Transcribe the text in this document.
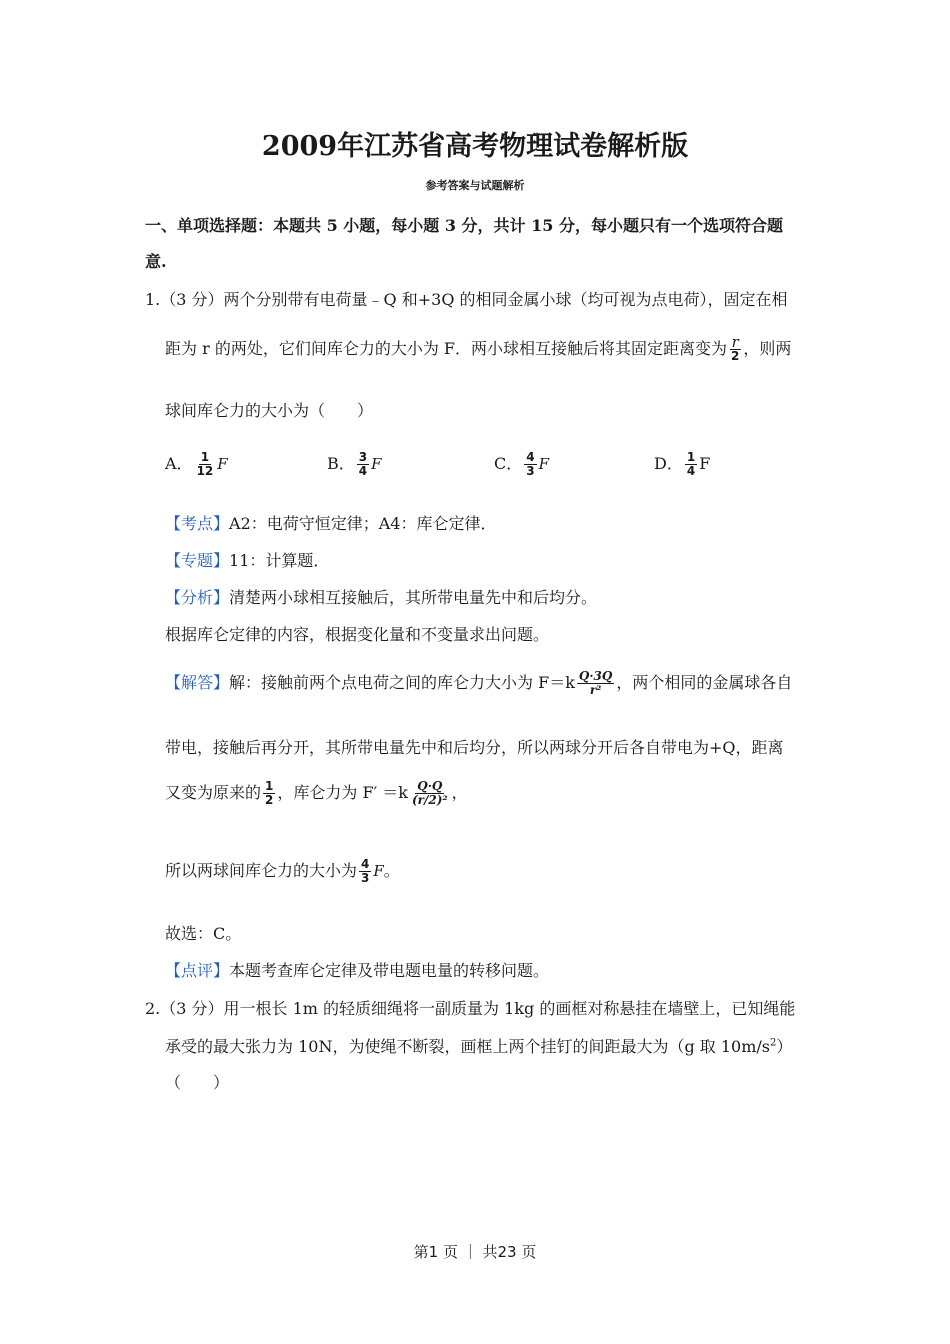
2009年江苏省高考物理试卷解析版
参考答案与试题解析
一、单项选择题：本题共 5 小题，每小题 3 分，共计 15 分，每小题只有一个选项符合题
意.
1.（3 分）两个分别带有电荷量﹣Q 和+3Q 的相同金属小球（均可视为点电荷），固定在相
距为 r 的两处，它们间库仑力的大小为 F．两小球相互接触后将其固定距离变为 $\frac{r}{2}$ ，则两
球间库仑力的大小为（　　）
A． $\frac{1}{12}$ F	B． $\frac{3}{4}$ F	C． $\frac{4}{3}$ F	D． $\frac{1}{4}$ F
【考点】A2：电荷守恒定律；A4：库仑定律．
【专题】11：计算题．
【分析】清楚两小球相互接触后，其所带电量先中和后均分。
根据库仑定律的内容，根据变化量和不变量求出问题。
【解答】解：接触前两个点电荷之间的库仑力大小为 $F=k \frac{Q\cdot 3Q}{\text{r²}}$ ，两个相同的金属球各自
带电，接触后再分开，其所带电量先中和后均分，所以两球分开后各自带电为+Q，距离
又变为原来的 $\frac{1}{2}$ ，库仑力为 $F' =k \frac{Q\cdot Q}{\text{(r/2)²}}$ ，
所以两球间库仑力的大小为 $\frac{4}{3}$ F。
故选：C。
【点评】本题考查库仑定律及带电题电量的转移问题。
2.（3 分）用一根长 1m 的轻质细绳将一副质量为 1kg 的画框对称悬挂在墙壁上，已知绳能
承受的最大张力为 10N，为使绳不断裂，画框上两个挂钉的间距最大为（g 取 $10m/s^2$）
（　　）
第1 页 ｜ 共23 页
